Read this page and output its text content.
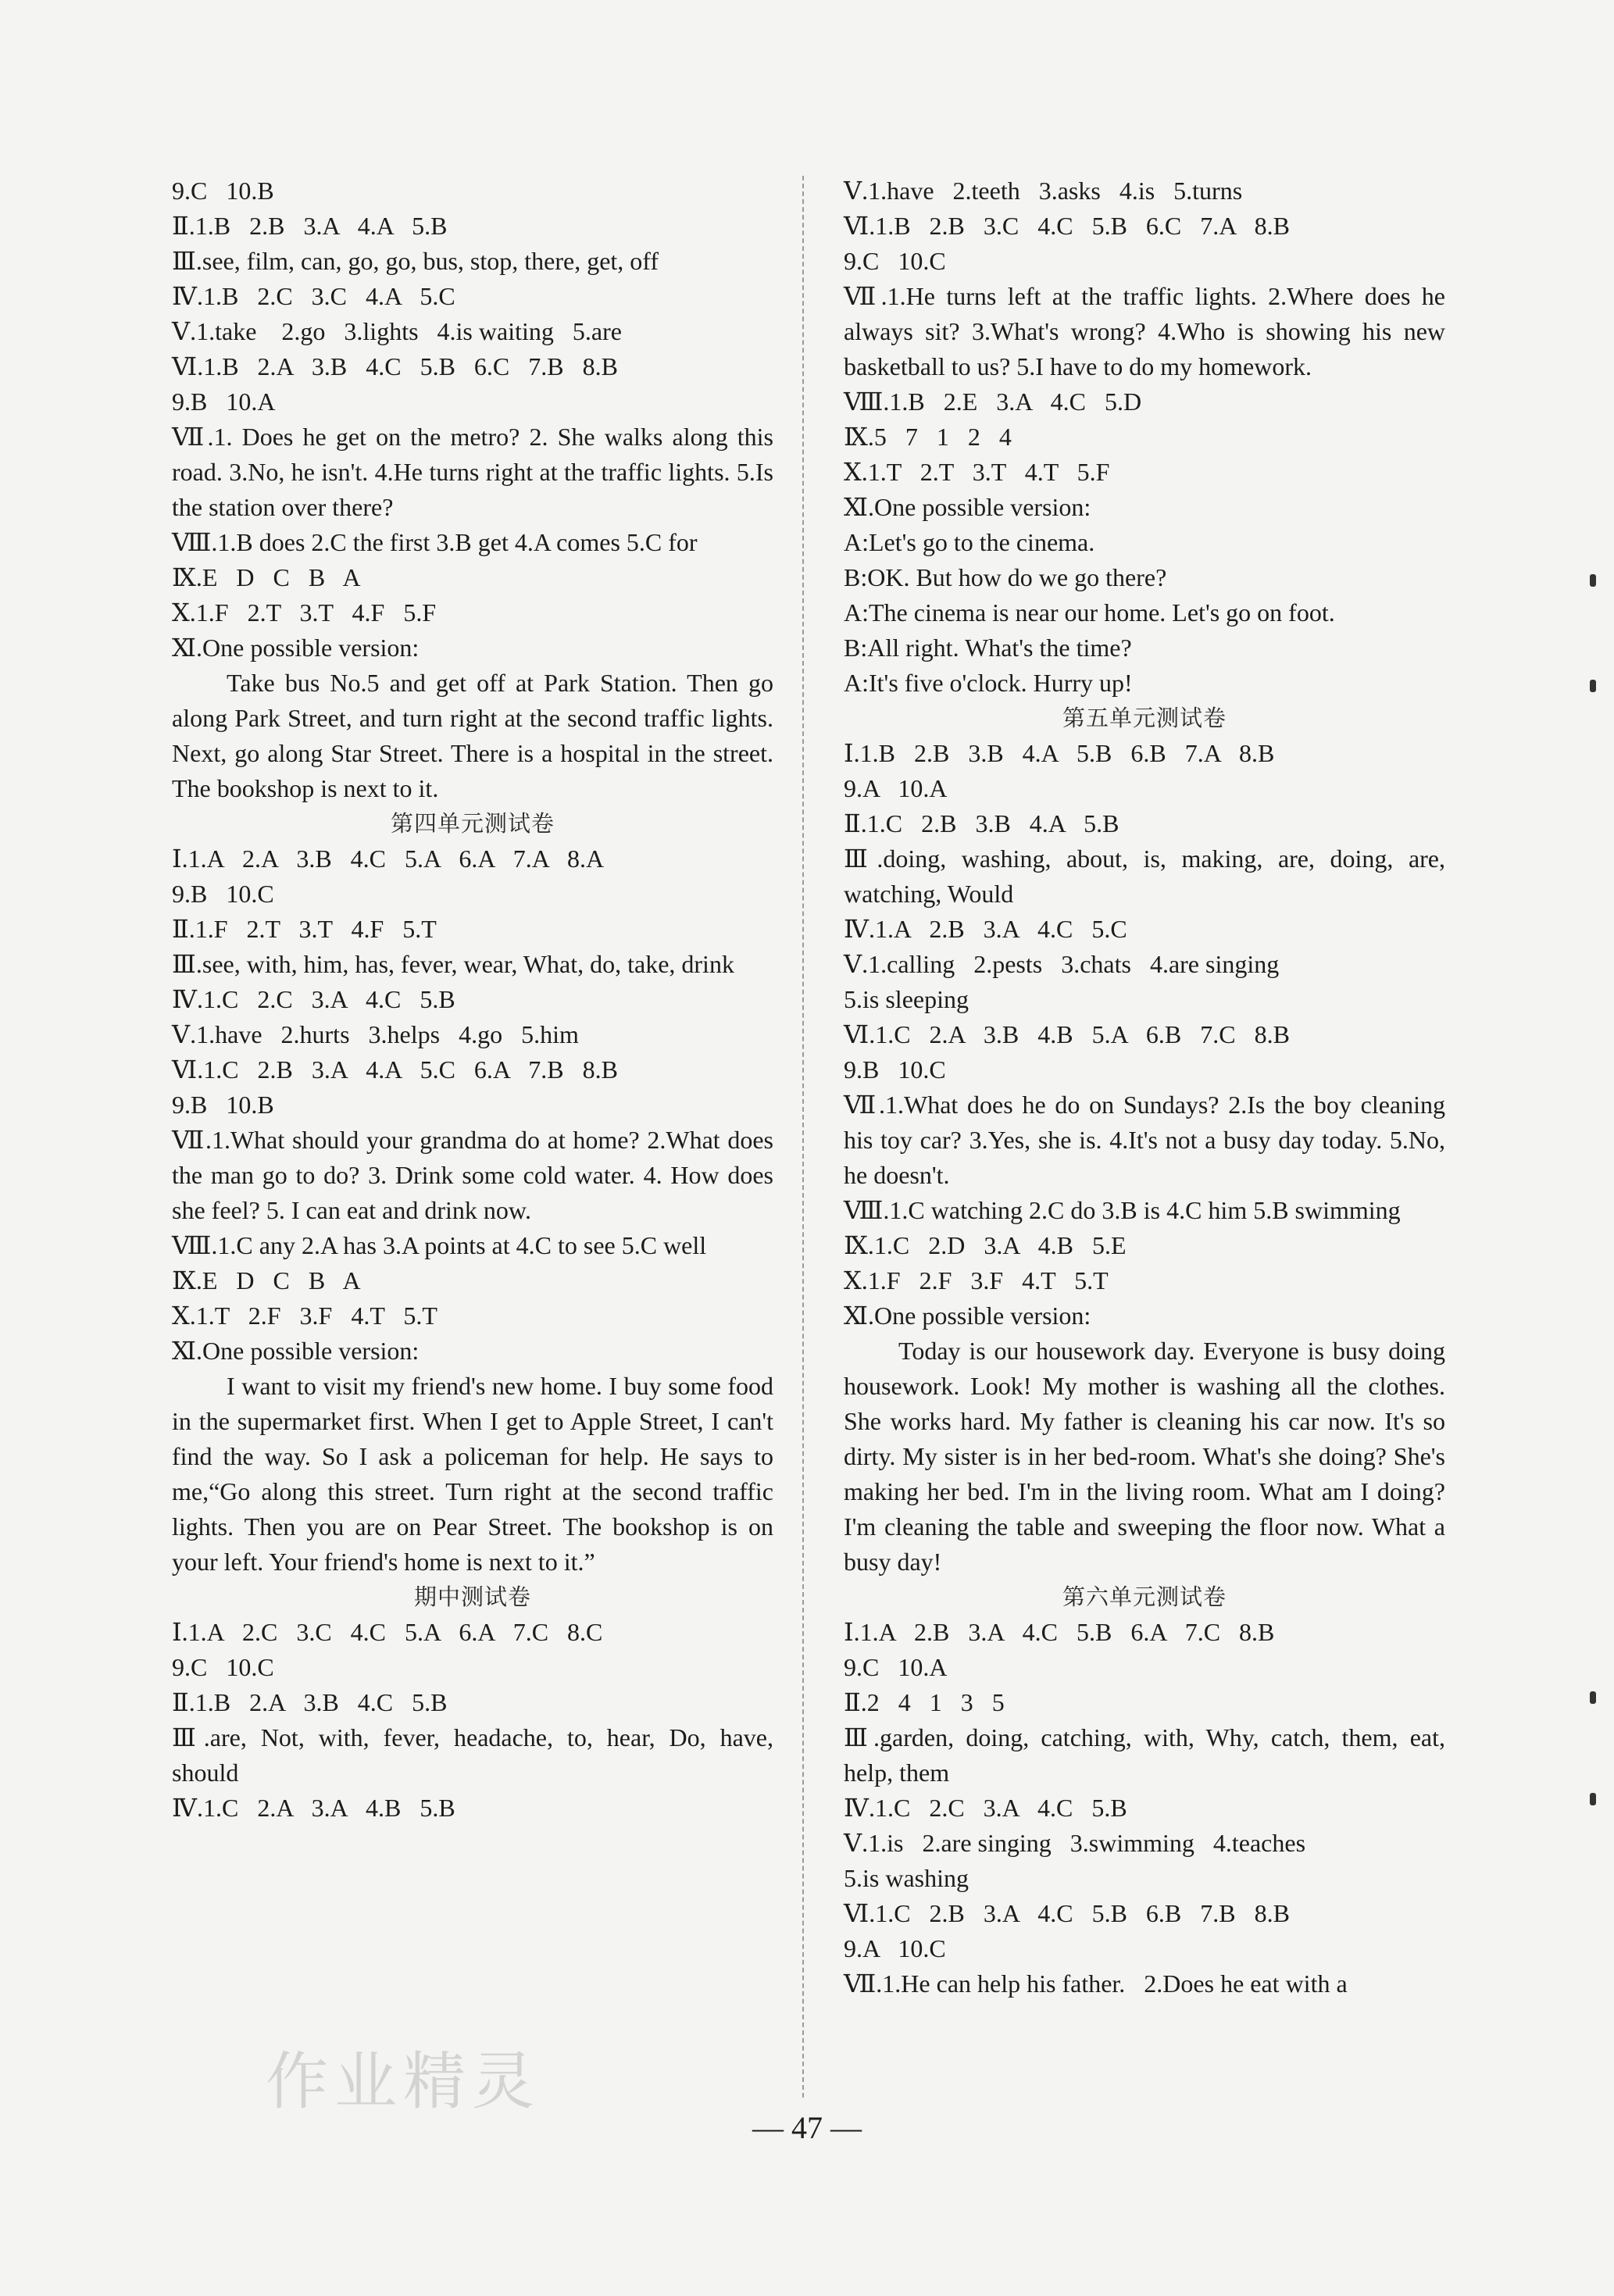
9.C   10.B
Ⅱ.1.B   2.B   3.A   4.A   5.B
Ⅲ.see, film, can, go, go, bus, stop, there, get, off
Ⅳ.1.B   2.C   3.C   4.A   5.C
Ⅴ.1.take    2.go   3.lights   4.is waiting   5.are
Ⅵ.1.B   2.A   3.B   4.C   5.B   6.C   7.B   8.B
9.B   10.A
Ⅶ.1. Does he get on the metro? 2. She walks along this road. 3.No, he isn't. 4.He turns right at the traffic lights. 5.Is the station over there?
Ⅷ.1.B does 2.C the first 3.B get 4.A comes 5.C for
Ⅸ.E   D   C   B   A
Ⅹ.1.F   2.T   3.T   4.F   5.F
Ⅺ.One possible version:
Take bus No.5 and get off at Park Station. Then go along Park Street, and turn right at the second traffic lights. Next, go along Star Street. There is a hospital in the street. The bookshop is next to it.
第四单元测试卷
Ⅰ.1.A   2.A   3.B   4.C   5.A   6.A   7.A   8.A
9.B   10.C
Ⅱ.1.F   2.T   3.T   4.F   5.T
Ⅲ.see, with, him, has, fever, wear, What, do, take, drink
Ⅳ.1.C   2.C   3.A   4.C   5.B
Ⅴ.1.have   2.hurts   3.helps   4.go   5.him
Ⅵ.1.C   2.B   3.A   4.A   5.C   6.A   7.B   8.B
9.B   10.B
Ⅶ.1.What should your grandma do at home? 2.What does the man go to do? 3. Drink some cold water. 4. How does she feel? 5. I can eat and drink now.
Ⅷ.1.C any 2.A has 3.A points at 4.C to see 5.C well
Ⅸ.E   D   C   B   A
Ⅹ.1.T   2.F   3.F   4.T   5.T
Ⅺ.One possible version:
I want to visit my friend's new home. I buy some food in the supermarket first. When I get to Apple Street, I can't find the way. So I ask a policeman for help. He says to me,“Go along this street. Turn right at the second traffic lights. Then you are on Pear Street. The bookshop is on your left. Your friend's home is next to it.”
期中测试卷
Ⅰ.1.A   2.C   3.C   4.C   5.A   6.A   7.C   8.C
9.C   10.C
Ⅱ.1.B   2.A   3.B   4.C   5.B
Ⅲ.are, Not, with, fever, headache, to, hear, Do, have, should
Ⅳ.1.C   2.A   3.A   4.B   5.B
Ⅴ.1.have   2.teeth   3.asks   4.is   5.turns
Ⅵ.1.B   2.B   3.C   4.C   5.B   6.C   7.A   8.B
9.C   10.C
Ⅶ.1.He turns left at the traffic lights. 2.Where does he always sit? 3.What's wrong? 4.Who is showing his new basketball to us? 5.I have to do my homework.
Ⅷ.1.B   2.E   3.A   4.C   5.D
Ⅸ.5   7   1   2   4
Ⅹ.1.T   2.T   3.T   4.T   5.F
Ⅺ.One possible version:
A:Let's go to the cinema.
B:OK. But how do we go there?
A:The cinema is near our home. Let's go on foot.
B:All right. What's the time?
A:It's five o'clock. Hurry up!
第五单元测试卷
Ⅰ.1.B   2.B   3.B   4.A   5.B   6.B   7.A   8.B
9.A   10.A
Ⅱ.1.C   2.B   3.B   4.A   5.B
Ⅲ.doing, washing, about, is, making, are, doing, are, watching, Would
Ⅳ.1.A   2.B   3.A   4.C   5.C
Ⅴ.1.calling   2.pests   3.chats   4.are singing
5.is sleeping
Ⅵ.1.C   2.A   3.B   4.B   5.A   6.B   7.C   8.B
9.B   10.C
Ⅶ.1.What does he do on Sundays? 2.Is the boy cleaning his toy car? 3.Yes, she is. 4.It's not a busy day today. 5.No, he doesn't.
Ⅷ.1.C watching 2.C do 3.B is 4.C him 5.B swimming
Ⅸ.1.C   2.D   3.A   4.B   5.E
Ⅹ.1.F   2.F   3.F   4.T   5.T
Ⅺ.One possible version:
Today is our housework day. Everyone is busy doing housework. Look! My mother is washing all the clothes. She works hard. My father is cleaning his car now. It's so dirty. My sister is in her bed-room. What's she doing? She's making her bed. I'm in the living room. What am I doing? I'm cleaning the table and sweeping the floor now. What a busy day!
第六单元测试卷
Ⅰ.1.A   2.B   3.A   4.C   5.B   6.A   7.C   8.B
9.C   10.A
Ⅱ.2   4   1   3   5
Ⅲ.garden, doing, catching, with, Why, catch, them, eat, help, them
Ⅳ.1.C   2.C   3.A   4.C   5.B
Ⅴ.1.is   2.are singing   3.swimming   4.teaches
5.is washing
Ⅵ.1.C   2.B   3.A   4.C   5.B   6.B   7.B   8.B
9.A   10.C
Ⅶ.1.He can help his father.   2.Does he eat with a
— 47 —
作业精灵
